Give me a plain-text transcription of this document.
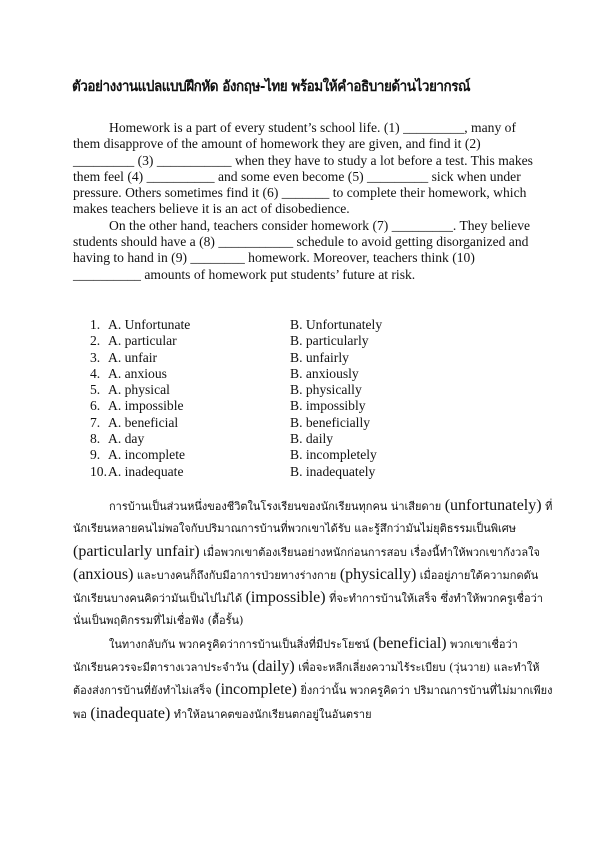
ตัวอย่างงานแปลแบบฝึกหัด อังกฤษ-ไทย พร้อมให้คำอธิบายด้านไวยากรณ์

Homework is a part of every student’s school life. (1) _________, many of them disapprove of the amount of homework they are given, and find it (2) _________ (3) ___________ when they have to study a lot before a test. This makes them feel (4) __________ and some even become (5) _________ sick when under pressure. Others sometimes find it (6) _______ to complete their homework, which makes teachers believe it is an act of disobedience.

On the other hand, teachers consider homework (7) _________. They believe students should have a (8) ___________ schedule to avoid getting disorganized and having to hand in (9) ________ homework. Moreover, teachers think (10) __________ amounts of homework put students’ future at risk.

1. A. Unfortunate	B. Unfortunately
2. A. particular	B. particularly
3. A. unfair	B. unfairly
4. A. anxious	B. anxiously
5. A. physical	B. physically
6. A. impossible	B. impossibly
7. A. beneficial	B. beneficially
8. A. day	B. daily
9. A. incomplete	B. incompletely
10. A. inadequate	B. inadequately

การบ้านเป็นส่วนหนึ่งของชีวิตในโรงเรียนของนักเรียนทุกคน น่าเสียดาย (unfortunately) ที่นักเรียนหลายคนไม่พอใจกับปริมาณการบ้านที่พวกเขาได้รับ และรู้สึกว่ามันไม่ยุติธรรมเป็นพิเศษ (particularly unfair) เมื่อพวกเขาต้องเรียนอย่างหนักก่อนการสอบ เรื่องนี้ทำให้พวกเขากังวลใจ (anxious) และบางคนก็ถึงกับมีอาการป่วยทางร่างกาย (physically) เมื่ออยู่ภายใต้ความกดดัน นักเรียนบางคนคิดว่ามันเป็นไปไม่ได้ (impossible) ที่จะทำการบ้านให้เสร็จ ซึ่งทำให้พวกครูเชื่อว่านั่นเป็นพฤติกรรมที่ไม่เชื่อฟัง (ดื้อรั้น)

ในทางกลับกัน พวกครูคิดว่าการบ้านเป็นสิ่งที่มีประโยชน์ (beneficial) พวกเขาเชื่อว่านักเรียนควรจะมีตารางเวลาประจำวัน (daily) เพื่อจะหลีกเลี่ยงความไร้ระเบียบ (วุ่นวาย) และทำให้ต้องส่งการบ้านที่ยังทำไม่เสร็จ (incomplete) ยิ่งกว่านั้น พวกครูคิดว่า ปริมาณการบ้านที่ไม่มากเพียงพอ (inadequate) ทำให้อนาคตของนักเรียนตกอยู่ในอันตราย
